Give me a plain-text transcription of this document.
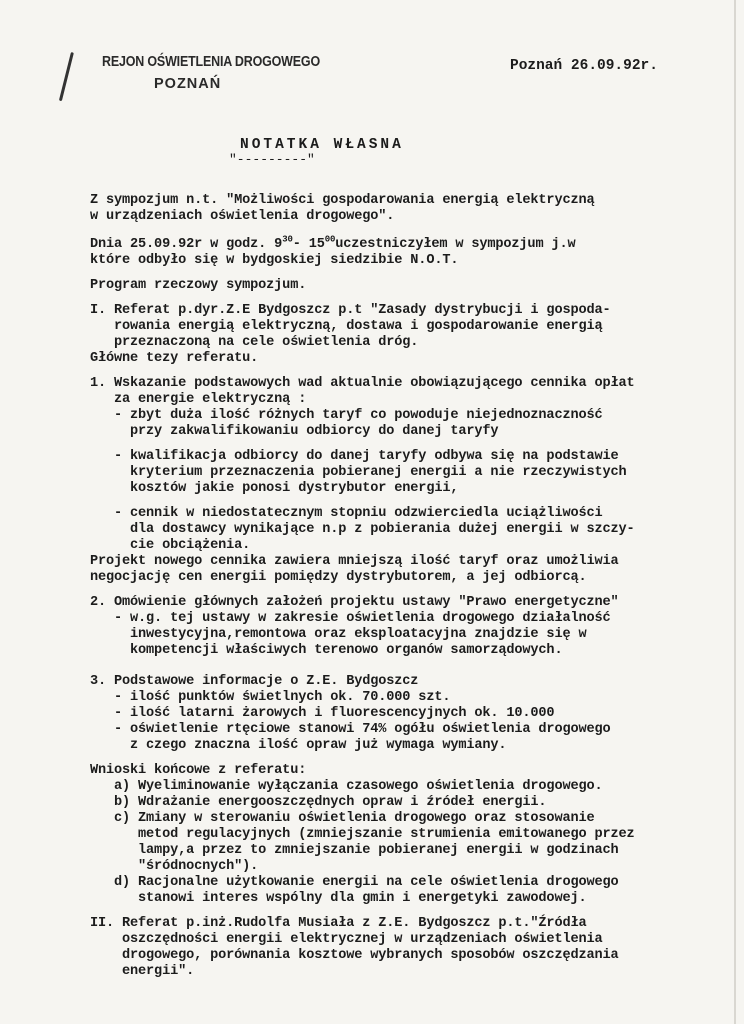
REJON OŚWIETLENIA DROGOWEGO
POZNAŃ
Poznań 26.09.92r.
NOTATKA WŁASNA
"---------"

Z sympozjum n.t. "Możliwości gospodarowania energią elektryczną

w urządzeniach oświetlenia drogowego".

Dnia 25.09.92r w godz. $9^{30}-$ $15^{00}uczestniczyłem$ w sympozjum j.w

które odbyło się w bydgoskiej siedzibie N.O.T.

Program rzeczowy sympozjum.

I. Referat p.dyr.Z.E Bydgoszcz p.t "Zasady dystrybucji i gospoda-

rowania energią elektryczną, dostawa i gospodarowanie energią

przeznaczoną na cele oświetlenia dróg.

Główne tezy referatu.

1. Wskazanie podstawowych wad aktualnie obowiązującego cennika opłat

za energie elektryczną :

- zbyt duża ilość różnych taryf co powoduje niejednoznaczność

przy zakwalifikowaniu odbiorcy do danej taryfy

- kwalifikacja odbiorcy do danej taryfy odbywa się na podstawie

kryterium przeznaczenia pobieranej energii a nie rzeczywistych

kosztów jakie ponosi dystrybutor energii,

- cennik w niedostatecznym stopniu odzwierciedla uciążliwości

dla dostawcy wynikające n.p z pobierania dużej energii w szczy-

cie obciążenia.

Projekt nowego cennika zawiera mniejszą ilość taryf oraz umożliwia

negocjację cen energii pomiędzy dystrybutorem, a jej odbiorcą.

2. Omówienie głównych założeń projektu ustawy "Prawo energetyczne"

- w.g. tej ustawy w zakresie oświetlenia drogowego działalność

inwestycyjna,remontowa oraz eksploatacyjna znajdzie się w

kompetencji właściwych terenowo organów samorządowych.

3. Podstawowe informacje o Z.E. Bydgoszcz

- ilość punktów świetlnych ok. 70.000 szt.

- ilość latarni żarowych i fluorescencyjnych ok. 10.000

- oświetlenie rtęciowe stanowi 74% ogółu oświetlenia drogowego

z czego znaczna ilość opraw już wymaga wymiany.

Wnioski końcowe z referatu:

a) Wyeliminowanie wyłączania czasowego oświetlenia drogowego.

b) Wdrażanie energooszczędnych opraw i źródeł energii.

c) Zmiany w sterowaniu oświetlenia drogowego oraz stosowanie

metod regulacyjnych (zmniejszanie strumienia emitowanego przez

lampy,a przez to zmniejszanie pobieranej energii w godzinach

"śródnocnych").

d) Racjonalne użytkowanie energii na cele oświetlenia drogowego

stanowi interes wspólny dla gmin i energetyki zawodowej.

II. Referat p.inż.Rudolfa Musiała z Z.E. Bydgoszcz p.t."Źródła

oszczędności energii elektrycznej w urządzeniach oświetlenia

drogowego, porównania kosztowe wybranych sposobów oszczędzania

energii".
